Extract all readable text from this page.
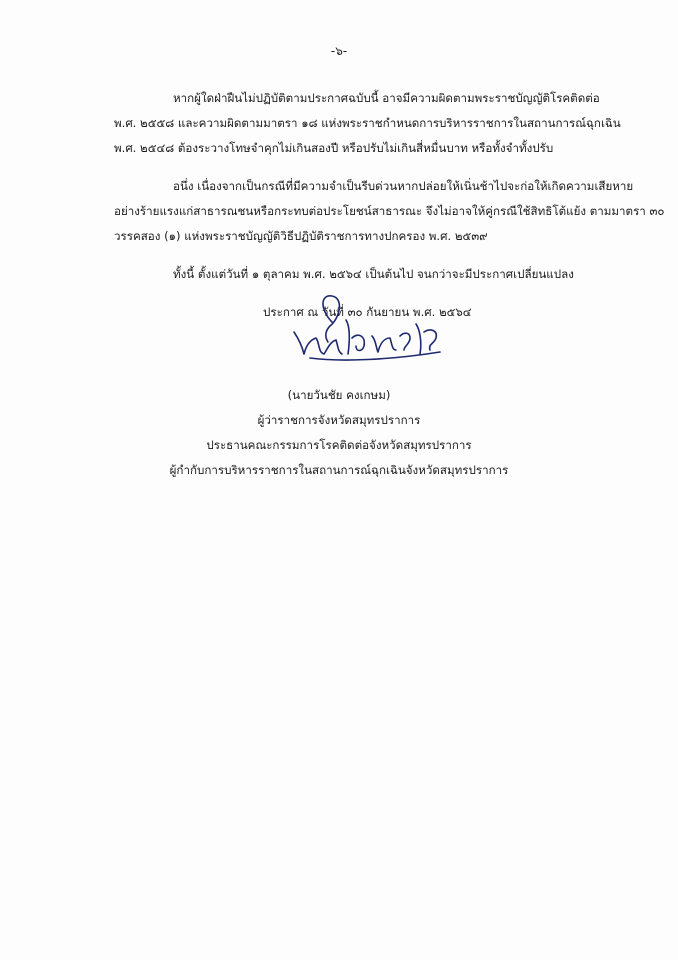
-๖-
หากผู้ใดฝ่าฝืนไม่ปฏิบัติตามประกาศฉบับนี้ อาจมีความผิดตามพระราชบัญญัติโรคติดต่อ
พ.ศ. ๒๕๕๘ และความผิดตามมาตรา ๑๘ แห่งพระราชกำหนดการบริหารราชการในสถานการณ์ฉุกเฉิน
พ.ศ. ๒๕๔๘ ต้องระวางโทษจำคุกไม่เกินสองปี หรือปรับไม่เกินสี่หมื่นบาท หรือทั้งจำทั้งปรับ
อนึ่ง เนื่องจากเป็นกรณีที่มีความจำเป็นรีบด่วนหากปล่อยให้เนิ่นช้าไปจะก่อให้เกิดความเสียหาย
อย่างร้ายแรงแก่สาธารณชนหรือกระทบต่อประโยชน์สาธารณะ จึงไม่อาจให้คู่กรณีใช้สิทธิโต้แย้ง ตามมาตรา ๓๐
วรรคสอง (๑) แห่งพระราชบัญญัติวิธีปฏิบัติราชการทางปกครอง พ.ศ. ๒๕๓๙
ทั้งนี้ ตั้งแต่วันที่ ๑ ตุลาคม พ.ศ. ๒๕๖๔ เป็นต้นไป จนกว่าจะมีประกาศเปลี่ยนแปลง
ประกาศ ณ วันที่ ๓๐ กันยายน พ.ศ. ๒๕๖๔
(นายวันชัย คงเกษม)
ผู้ว่าราชการจังหวัดสมุทรปราการ
ประธานคณะกรรมการโรคติดต่อจังหวัดสมุทรปราการ
ผู้กำกับการบริหารราชการในสถานการณ์ฉุกเฉินจังหวัดสมุทรปราการ
